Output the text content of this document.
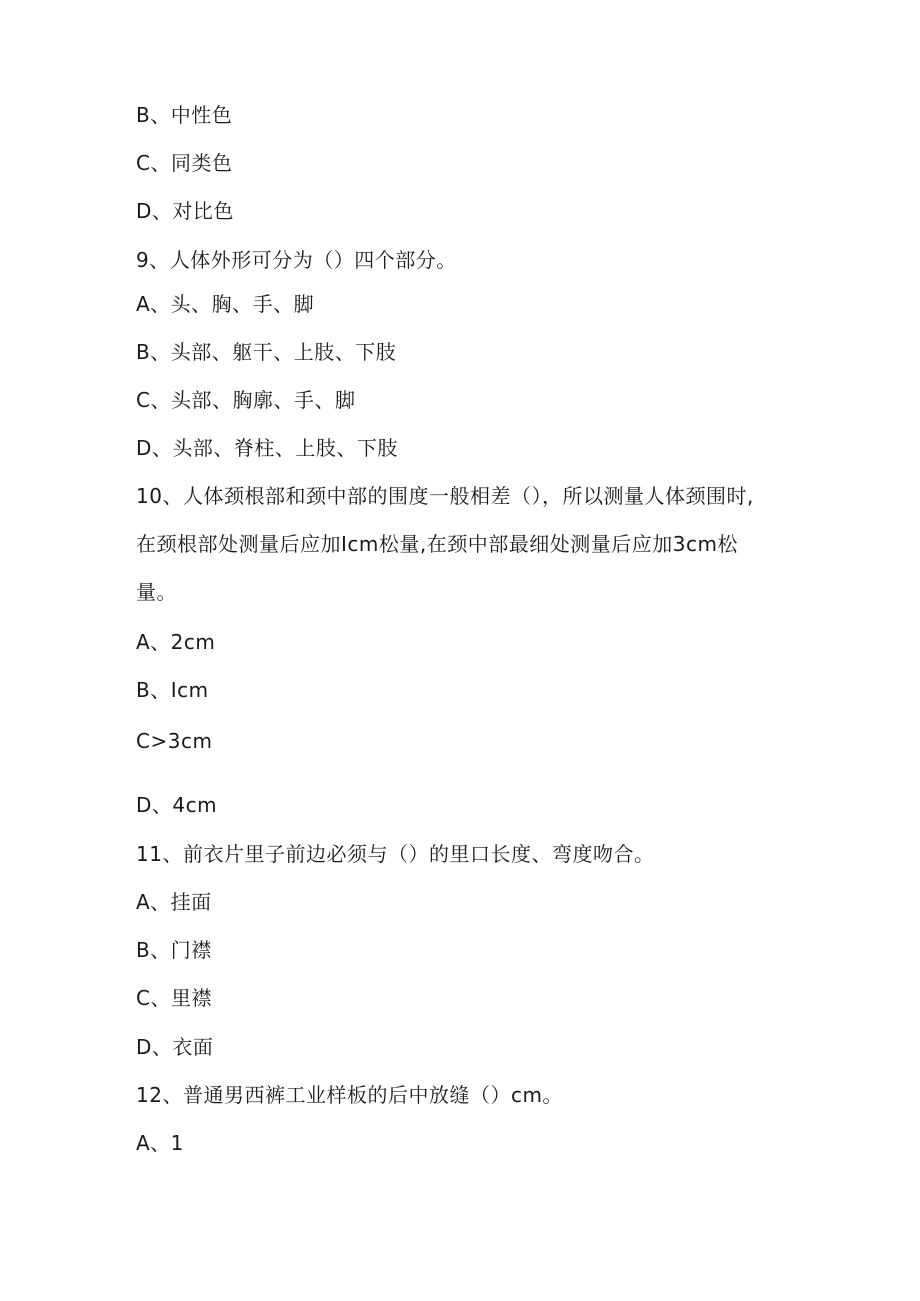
B、中性色
C、同类色
D、对比色
9、人体外形可分为（）四个部分。
A、头、胸、手、脚
B、头部、躯干、上肢、下肢
C、头部、胸廓、手、脚
D、头部、脊柱、上肢、下肢
10、人体颈根部和颈中部的围度一般相差（），所以测量人体颈围时,
在颈根部处测量后应加Icm松量,在颈中部最细处测量后应加3cm松
量。
A、2cm
B、Icm
C>3cm
D、4cm
11、前衣片里子前边必须与（）的里口长度、弯度吻合。
A、挂面
B、门襟
C、里襟
D、衣面
12、普通男西裤工业样板的后中放缝（）cm。
A、1
